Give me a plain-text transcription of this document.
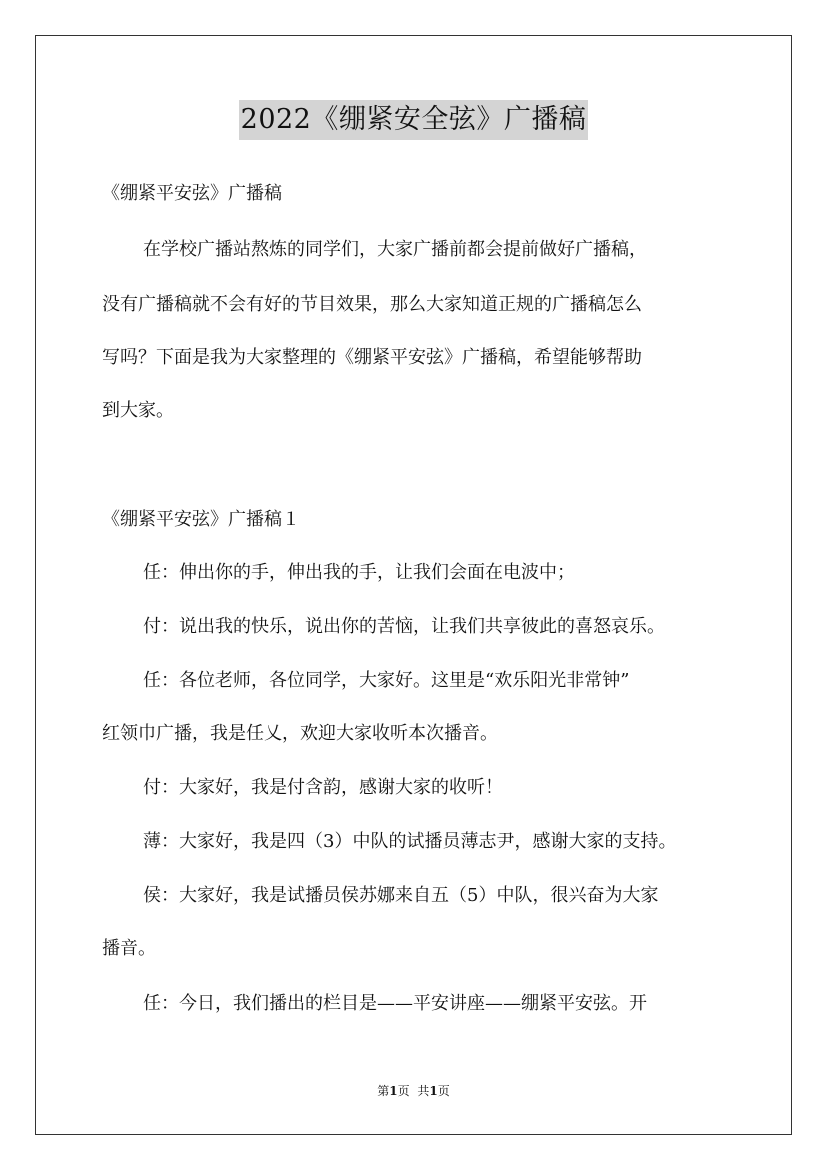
2022《绷紧安全弦》广播稿
《绷紧平安弦》广播稿
在学校广播站熬炼的同学们，大家广播前都会提前做好广播稿，
没有广播稿就不会有好的节目效果，那么大家知道正规的广播稿怎么
写吗？下面是我为大家整理的《绷紧平安弦》广播稿，希望能够帮助
到大家。
《绷紧平安弦》广播稿１
任：伸出你的手，伸出我的手，让我们会面在电波中；
付：说出我的快乐，说出你的苦恼，让我们共享彼此的喜怒哀乐。
任：各位老师，各位同学，大家好。这里是“欢乐阳光非常钟”
红领巾广播，我是任乂，欢迎大家收听本次播音。
付：大家好，我是付含韵，感谢大家的收听！
薄：大家好，我是四（3）中队的试播员薄志尹，感谢大家的支持。
侯：大家好，我是试播员侯苏娜来自五（5）中队，很兴奋为大家
播音。
任：今日，我们播出的栏目是——平安讲座——绷紧平安弦。开
第1页 共1页
